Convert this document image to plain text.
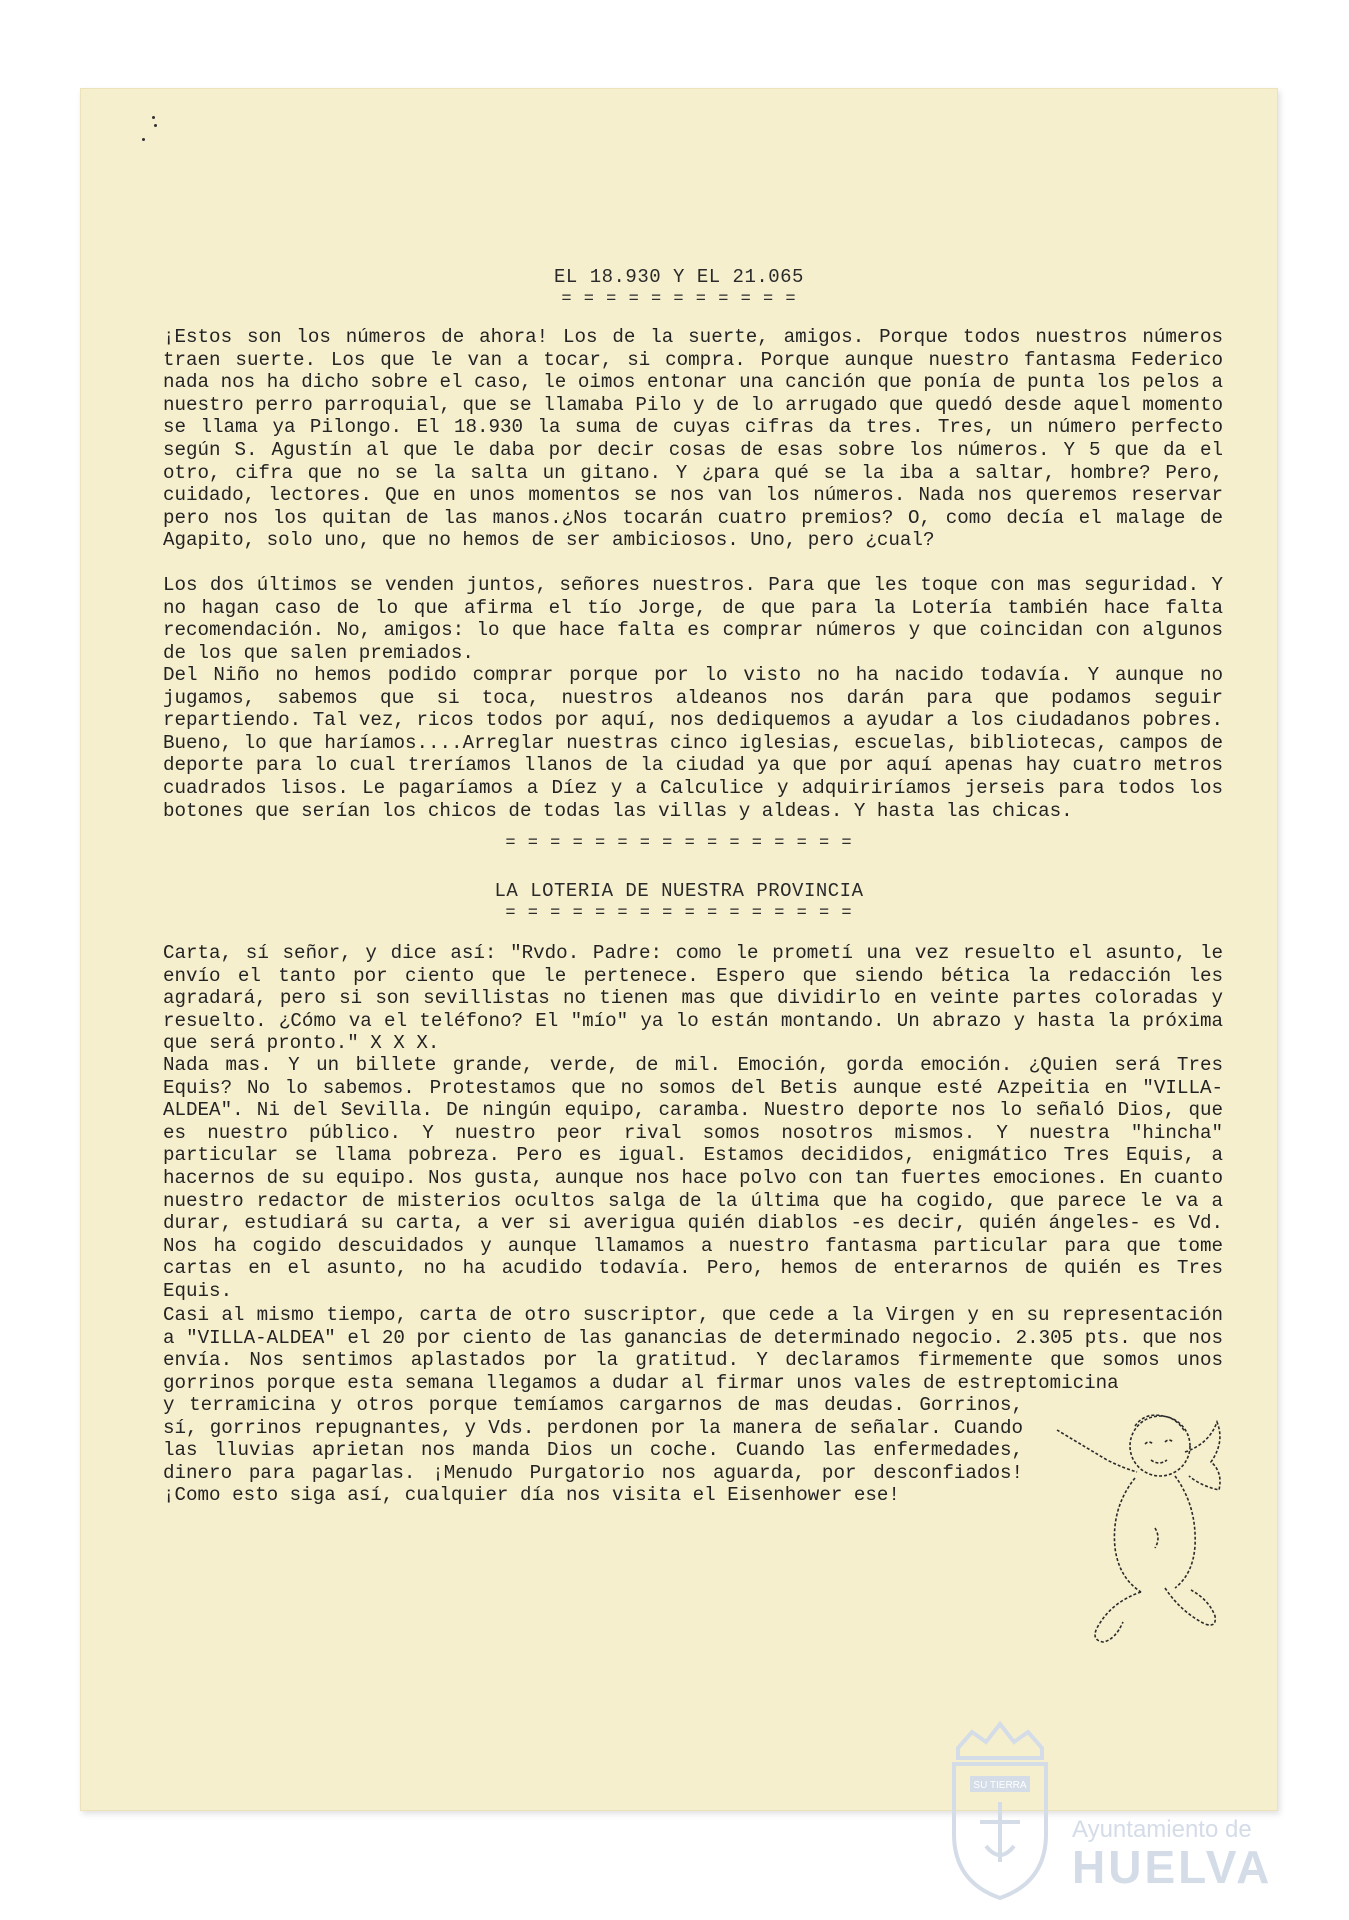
EL 18.930 Y EL 21.065
= = = = = = = = = = =

¡Estos son los números de ahora! Los de la suerte, amigos. Porque todos nuestros números traen suerte. Los que le van a tocar, si compra. Porque aunque nuestro fantasma Federico nada nos ha dicho sobre el caso, le oimos entonar una canción que ponía de punta los pelos a nuestro perro parroquial, que se llamaba Pilo y de lo arrugado que quedó desde aquel momento se llama ya Pilongo. El 18.930 la suma de cuyas cifras da tres. Tres, un número perfecto según S. Agustín al que le daba por decir cosas de esas sobre los números. Y 5 que da el otro, cifra que no se la salta un gitano. Y ¿para qué se la iba a saltar, hombre? Pero, cuidado, lectores. Que en unos momentos se nos van los números. Nada nos queremos reservar pero nos los quitan de las manos.¿Nos tocarán cuatro premios? O, como decía el malage de Agapito, solo uno, que no hemos de ser ambiciosos. Uno, pero ¿cual?

Los dos últimos se venden juntos, señores nuestros. Para que les toque con mas seguridad. Y no hagan caso de lo que afirma el tío Jorge, de que para la Lotería también hace falta recomendación. No, amigos: lo que hace falta es comprar números y que coincidan con algunos de los que salen premiados.

Del Niño no hemos podido comprar porque por lo visto no ha nacido todavía. Y aunque no jugamos, sabemos que si toca, nuestros aldeanos nos darán para que podamos seguir repartiendo. Tal vez, ricos todos por aquí, nos dediquemos a ayudar a los ciudadanos pobres. Bueno, lo que haríamos....Arreglar nuestras cinco iglesias, escuelas, bibliotecas, campos de deporte para lo cual treríamos llanos de la ciudad ya que por aquí apenas hay cuatro metros cuadrados lisos. Le pagaríamos a Díez y a Calculice y adquiriríamos jerseis para todos los botones que serían los chicos de todas las villas y aldeas. Y hasta las chicas.

= = = = = = = = = = = = = = = =
LA LOTERIA DE NUESTRA PROVINCIA
= = = = = = = = = = = = = = = =

Carta, sí señor, y dice así: "Rvdo. Padre: como le prometí una vez resuelto el asunto, le envío el tanto por ciento que le pertenece. Espero que siendo bética la redacción les agradará, pero si son sevillistas no tienen mas que dividirlo en veinte partes coloradas y resuelto. ¿Cómo va el teléfono? El "mío" ya lo están montando. Un abrazo y hasta la próxima que será pronto." X X X.

Nada mas. Y un billete grande, verde, de mil. Emoción, gorda emoción. ¿Quien será Tres Equis? No lo sabemos. Protestamos que no somos del Betis aunque esté Azpeitia en "VILLA-ALDEA". Ni del Sevilla. De ningún equipo, caramba. Nuestro deporte nos lo señaló Dios, que es nuestro público. Y nuestro peor rival somos nosotros mismos. Y nuestra "hincha" particular se llama pobreza. Pero es igual. Estamos decididos, enigmático Tres Equis, a hacernos de su equipo. Nos gusta, aunque nos hace polvo con tan fuertes emociones. En cuanto nuestro redactor de misterios ocultos salga de la última que ha cogido, que parece le va a durar, estudiará su carta, a ver si averigua quién diablos -es decir, quién ángeles- es Vd. Nos ha cogido descuidados y aunque llamamos a nuestro fantasma particular para que tome cartas en el asunto, no ha acudido todavía. Pero, hemos de enterarnos de quién es Tres Equis.

Casi al mismo tiempo, carta de otro suscriptor, que cede a la Virgen y en su representación a "VILLA-ALDEA" el 20 por ciento de las ganancias de determinado negocio. 2.305 pts. que nos envía. Nos sentimos aplastados por la gratitud. Y declaramos firmemente que somos unos gorrinos porque esta semana llegamos a dudar al firmar unos vales de estreptomicina

y terramicina y otros porque temíamos cargarnos de mas deudas. Gorrinos, sí, gorrinos repugnantes, y Vds. perdonen por la manera de señalar. Cuando las lluvias aprietan nos manda Dios un coche. Cuando las enfermedades, dinero para pagarlas. ¡Menudo Purgatorio nos aguarda, por desconfiados! ¡Como esto siga así, cualquier día nos visita el Eisenhower ese!

SU TIERRA
Ayuntamiento de
HUELVA
